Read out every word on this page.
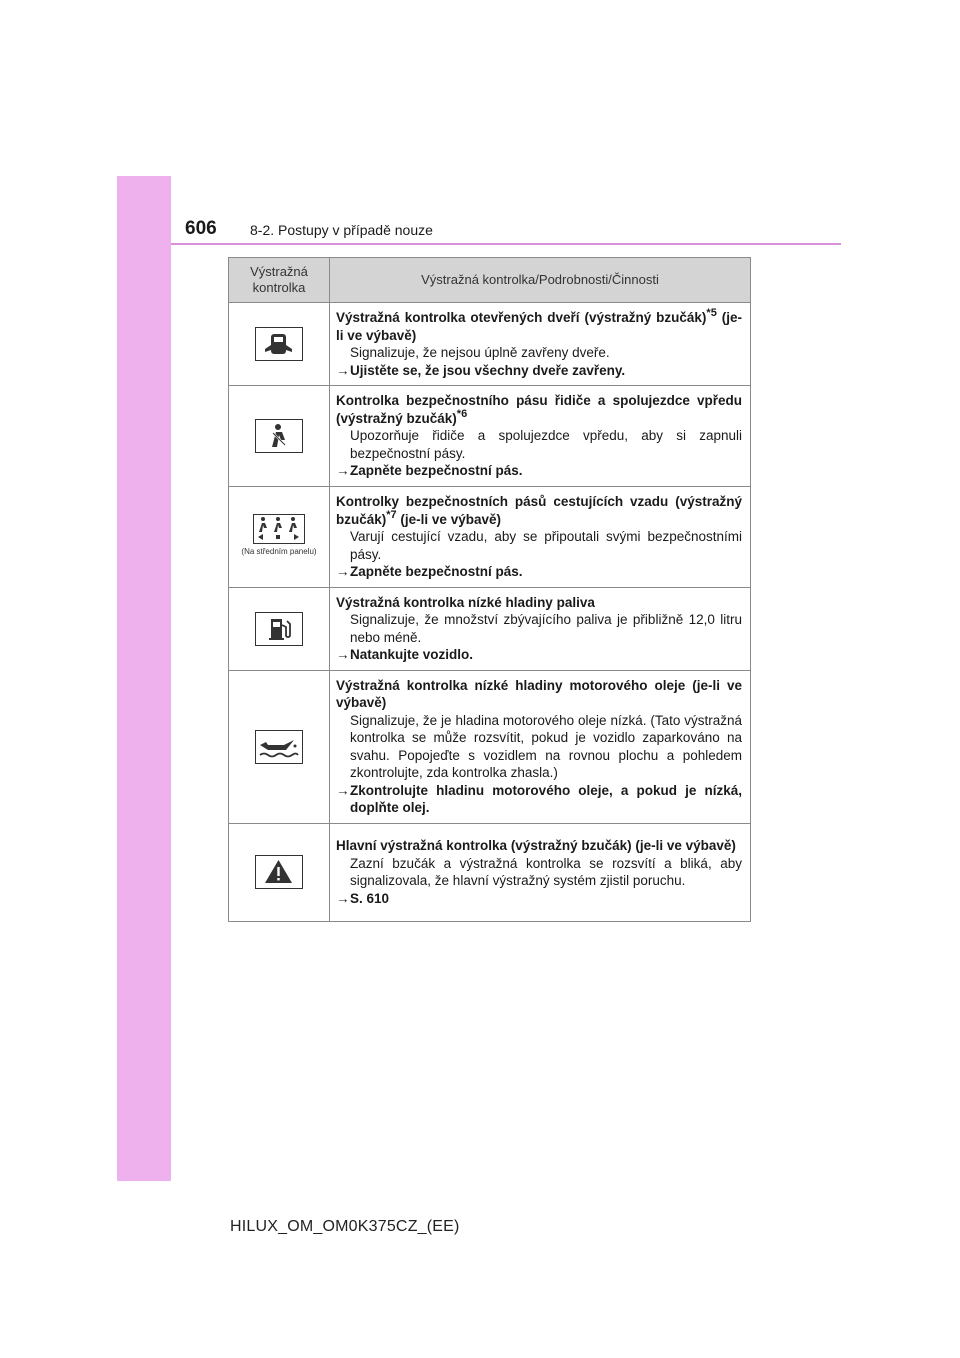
606 8-2. Postupy v případě nouze
Výstražná kontrolka	Výstražná kontrolka/Podrobnosti/Činnosti

Výstražná kontrolka otevřených dveří (výstražný bzučák)$^{*5}$ (je-li ve výbavě)
Signalizuje, že nejsou úplně zavřeny dveře.
→ Ujistěte se, že jsou všechny dveře zavřeny.

Kontrolka bezpečnostního pásu řidiče a spolujezdce vpředu (výstražný bzučák)$^{*6}$
Upozorňuje řidiče a spolujezdce vpředu, aby si zapnuli bezpečnostní pásy.
→ Zapněte bezpečnostní pás.

(Na středním panelu)	Kontrolky bezpečnostních pásů cestujících vzadu (výstražný bzučák)$^{*7}$ (je-li ve výbavě)
Varují cestující vzadu, aby se připoutali svými bezpečnostními pásy.
→ Zapněte bezpečnostní pás.

Výstražná kontrolka nízké hladiny paliva
Signalizuje, že množství zbývajícího paliva je přibližně 12,0 litru nebo méně.
→ Natankujte vozidlo.

Výstražná kontrolka nízké hladiny motorového oleje (je-li ve výbavě)
Signalizuje, že je hladina motorového oleje nízká. (Tato výstražná kontrolka se může rozsvítit, pokud je vozidlo zaparkováno na svahu. Popojeďte s vozidlem na rovnou plochu a pohledem zkontrolujte, zda kontrolka zhasla.)
→ Zkontrolujte hladinu motorového oleje, a pokud je nízká, doplňte olej.

Hlavní výstražná kontrolka (výstražný bzučák) (je-li ve výbavě)
Zazní bzučák a výstražná kontrolka se rozsvítí a bliká, aby signalizovala, že hlavní výstražný systém zjistil poruchu.
→ S. 610
HILUX_OM_OM0K375CZ_(EE)
